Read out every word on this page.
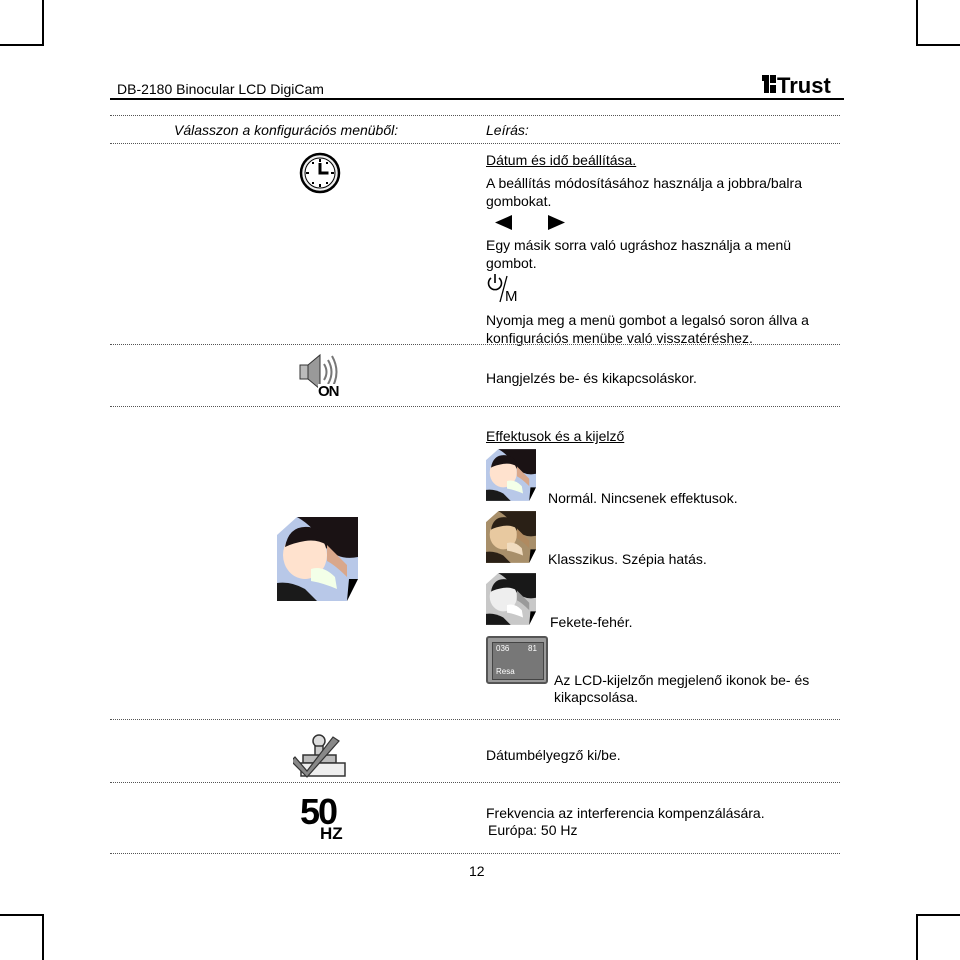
DB-2180 Binocular LCD DigiCam	Trust
Válasszon a konfigurációs menüből:	Leírás:
Dátum és idő beállítása.
A beállítás módosításához használja a jobbra/balra
gombokat.
Egy másik sorra való ugráshoz használja a menü
gombot.
M
Nyomja meg a menü gombot a legalsó soron állva a
konfigurációs menübe való visszatéréshez.
ON
Hangjelzés be- és kikapcsoláskor.
Effektusok és a kijelző
Normál. Nincsenek effektusok.
Klasszikus. Szépia hatás.
Fekete-fehér.
036 81
Resa
Az LCD-kijelzőn megjelenő ikonok be- és
kikapcsolása.
Dátumbélyegző ki/be.
50
HZ
Frekvencia az interferencia kompenzálására.
Európa: 50 Hz
12
